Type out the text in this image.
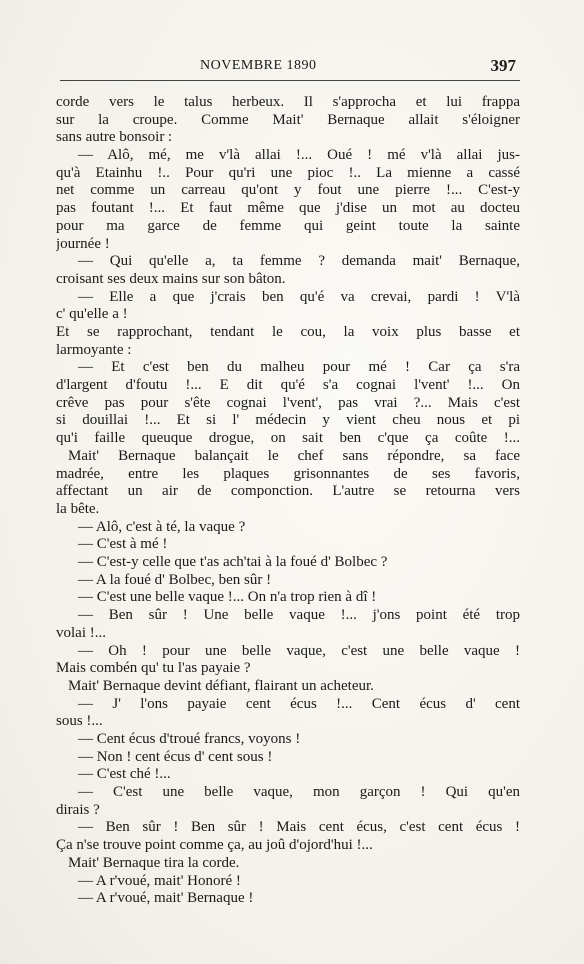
NOVEMBRE 1890	397
corde vers le talus herbeux. Il s'approcha et lui frappa
sur la croupe. Comme Mait' Bernaque allait s'éloigner
sans autre bonsoir :
— Alô, mé, me v'là allai !... Oué ! mé v'là allai jus-
qu'à Etainhu !.. Pour qu'ri une pioc !.. La mienne a cassé
net comme un carreau qu'ont y fout une pierre !... C'est-y
pas foutant !... Et faut même que j'dise un mot au docteu
pour ma garce de femme qui geint toute la sainte
journée !
— Qui qu'elle a, ta femme ? demanda mait' Bernaque,
croisant ses deux mains sur son bâton.
— Elle a que j'crais ben qu'é va crevai, pardi ! V'là
c' qu'elle a !
Et se rapprochant, tendant le cou, la voix plus basse et
larmoyante :
— Et c'est ben du malheu pour mé ! Car ça s'ra
d'largent d'foutu !... E dit qu'é s'a cognai l'vent' !... On
crêve pas pour s'ête cognai l'vent', pas vrai ?... Mais c'est
si douillai !... Et si l' médecin y vient cheu nous et pi
qu'i faille queuque drogue, on sait ben c'que ça coûte !...
Mait' Bernaque balançait le chef sans répondre, sa face
madrée, entre les plaques grisonnantes de ses favoris,
affectant un air de componction. L'autre se retourna vers
la bête.
— Alô, c'est à té, la vaque ?
— C'est à mé !
— C'est-y celle que t'as ach'tai à la foué d' Bolbec ?
— A la foué d' Bolbec, ben sûr !
— C'est une belle vaque !... On n'a trop rien à dî !
— Ben sûr ! Une belle vaque !... j'ons point été trop
volai !...
— Oh ! pour une belle vaque, c'est une belle vaque !
Mais combén qu' tu l'as payaie ?
Mait' Bernaque devint défiant, flairant un acheteur.
— J' l'ons payaie cent écus !... Cent écus d' cent
sous !...
— Cent écus d'troué francs, voyons !
— Non ! cent écus d' cent sous !
— C'est ché !...
— C'est une belle vaque, mon garçon ! Qui qu'en
dirais ?
— Ben sûr ! Ben sûr ! Mais cent écus, c'est cent écus !
Ça n'se trouve point comme ça, au joû d'ojord'hui !...
Mait' Bernaque tira la corde.
— A r'voué, mait' Honoré !
— A r'voué, mait' Bernaque !
